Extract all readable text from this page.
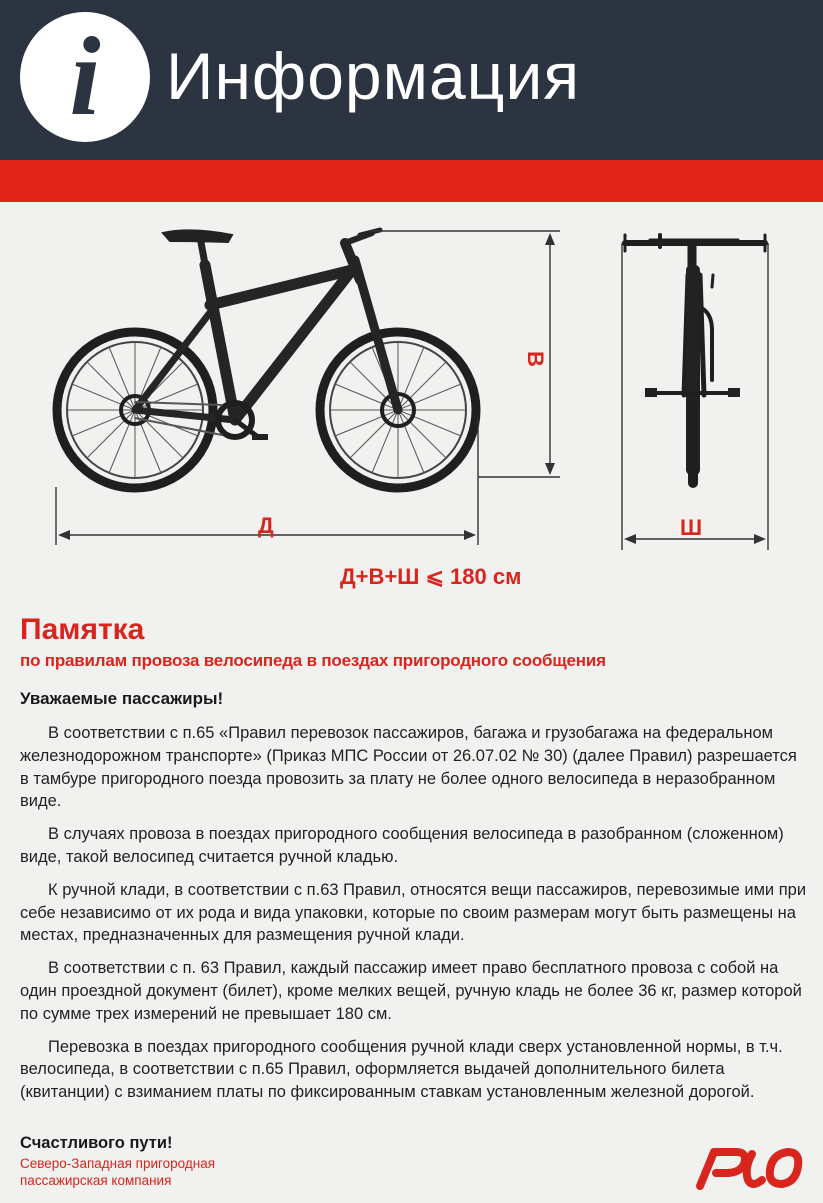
i Информация
Д
В
Ш
Д+В+Ш ⩽ 180 см
Памятка
по правилам провоза велосипеда в поездах пригородного сообщения
Уважаемые пассажиры!

В соответствии с п.65 «Правил перевозок пассажиров, багажа и грузобагажа на федеральном железнодорожном транспорте» (Приказ МПС России от 26.07.02 № 30) (далее Правил) разрешается в тамбуре пригородного поезда провозить за плату не более одного велосипеда в неразобранном виде.

В случаях провоза в поездах пригородного сообщения велосипеда в разобранном (сложенном) виде, такой велосипед считается ручной кладью.

К ручной клади, в соответствии с п.63 Правил, относятся вещи пассажиров, перевозимые ими при себе независимо от их рода и вида упаковки, которые по своим размерам могут быть размещены на местах, предназначенных для размещения ручной клади.

В соответствии с п. 63 Правил, каждый пассажир имеет право бесплатного провоза с собой на один проездной документ (билет), кроме мелких вещей, ручную кладь не более 36 кг, размер которой по сумме трех измерений не превышает 180 см.

Перевозка в поездах пригородного сообщения ручной клади сверх установленной нормы, в т.ч. велосипеда, в соответствии с п.65 Правил, оформляется выдачей дополнительного билета (квитанции) с взиманием платы по фиксированным ставкам установленным железной дорогой.

Счастливого пути!
Северо-Западная пригородная
пассажирская компания
